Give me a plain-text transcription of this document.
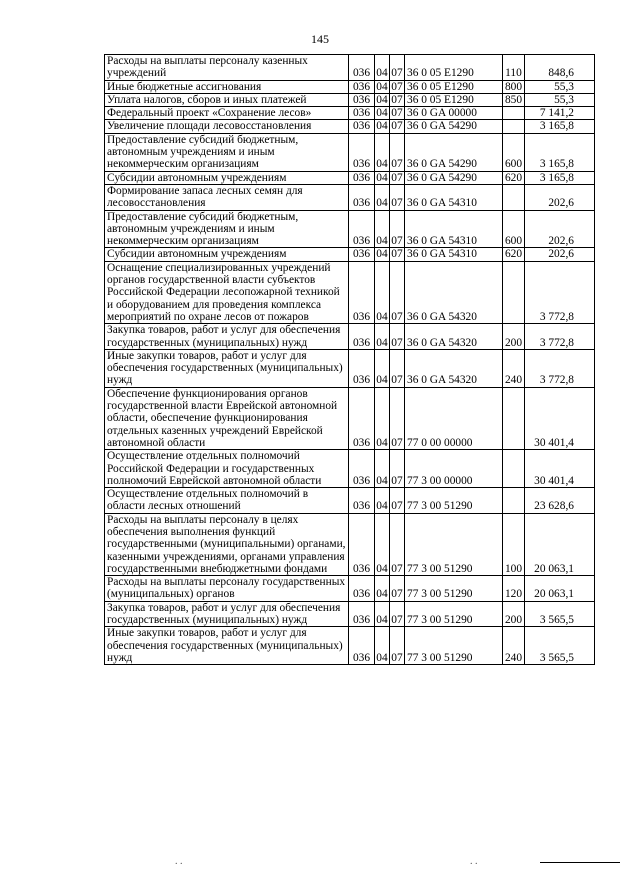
145
Расходы на выплаты персоналу казенных учреждений	036	04	07	36 0 05 E1290	110	848,6
Иные бюджетные ассигнования	036	04	07	36 0 05 E1290	800	55,3
Уплата налогов, сборов и иных платежей	036	04	07	36 0 05 E1290	850	55,3
Федеральный проект «Сохранение лесов»	036	04	07	36 0 GA 00000		7 141,2
Увеличение площади лесовосстановления	036	04	07	36 0 GA 54290		3 165,8
Предоставление субсидий бюджетным, автономным учреждениям и иным некоммерческим организациям	036	04	07	36 0 GA 54290	600	3 165,8
Субсидии автономным учреждениям	036	04	07	36 0 GA 54290	620	3 165,8
Формирование запаса лесных семян для лесовосстановления	036	04	07	36 0 GA 54310		202,6
Предоставление субсидий бюджетным, автономным учреждениям и иным некоммерческим организациям	036	04	07	36 0 GA 54310	600	202,6
Субсидии автономным учреждениям	036	04	07	36 0 GA 54310	620	202,6
Оснащение специализированных учреждений органов государственной власти субъектов Российской Федерации лесопожарной техникой и оборудованием для проведения комплекса мероприятий по охране лесов от пожаров	036	04	07	36 0 GA 54320		3 772,8
Закупка товаров, работ и услуг для обеспечения государственных (муниципальных) нужд	036	04	07	36 0 GA 54320	200	3 772,8
Иные закупки товаров, работ и услуг для обеспечения государственных (муниципальных) нужд	036	04	07	36 0 GA 54320	240	3 772,8
Обеспечение функционирования органов государственной власти Еврейской автономной области, обеспечение функционирования отдельных казенных учреждений Еврейской автономной области	036	04	07	77 0 00 00000		30 401,4
Осуществление отдельных полномочий Российской Федерации и государственных полномочий Еврейской автономной области	036	04	07	77 3 00 00000		30 401,4
Осуществление отдельных полномочий в области лесных отношений	036	04	07	77 3 00 51290		23 628,6
Расходы на выплаты персоналу в целях обеспечения выполнения функций государственными (муниципальными) органами, казенными учреждениями, органами управления государственными внебюджетными фондами	036	04	07	77 3 00 51290	100	20 063,1
Расходы на выплаты персоналу государственных (муниципальных) органов	036	04	07	77 3 00 51290	120	20 063,1
Закупка товаров, работ и услуг для обеспечения государственных (муниципальных) нужд	036	04	07	77 3 00 51290	200	3 565,5
Иные закупки товаров, работ и услуг для обеспечения государственных (муниципальных) нужд	036	04	07	77 3 00 51290	240	3 565,5
. .	. .
